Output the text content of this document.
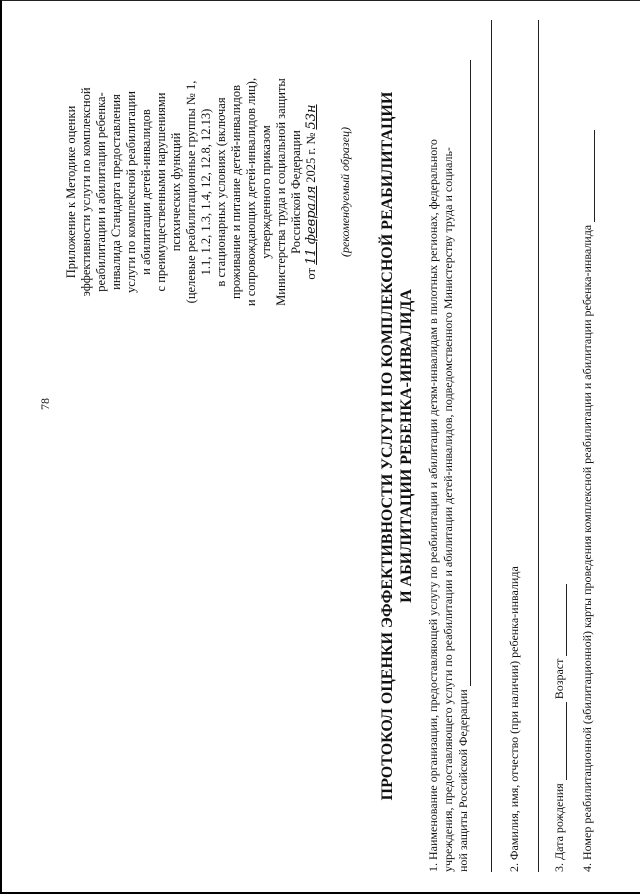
78
Приложение к Методике оценки эффективности услуги по комплексной реабилитации и абилитации ребенка- инвалида Стандарта предоставления услуги по комплексной реабилитации и абилитации детей-инвалидов с преимущественными нарушениями психических функций (целевые реабилитационные группы № 1, 1.1, 1.2, 1.3, 1.4, 12, 12.8, 12.13) в стационарных условиях (включая проживание и питание детей-инвалидов и сопровождающих детей-инвалидов лиц), утвержденного приказом Министерства труда и социальной защиты Российской Федерации
от 11 февраля 2025 г. № 53н
(рекомендуемый образец) ПРОТОКОЛ ОЦЕНКИ ЭФФЕКТИВНОСТИ УСЛУГИ ПО КОМПЛЕКСНОЙ РЕАБИЛИТАЦИИ И АБИЛИТАЦИИ РЕБЕНКА-ИНВАЛИДА 1. Наименование организации, предоставляющей услугу по реабилитации и абилитации детям-инвалидам в пилотных регионах, федерального учреждения, предоставляющего услуги по реабилитации и абилитации детей-инвалидов, подведомственного Министерству труда и социаль- ной защиты Российской Федерации	2. Фамилия, имя, отчество (при наличии) ребенка-инвалида	3. Дата рождения  Возраст 4. Номер реабилитационной (абилитационной) карты проведения комплексной реабилитации и абилитации ребенка-инвалида
